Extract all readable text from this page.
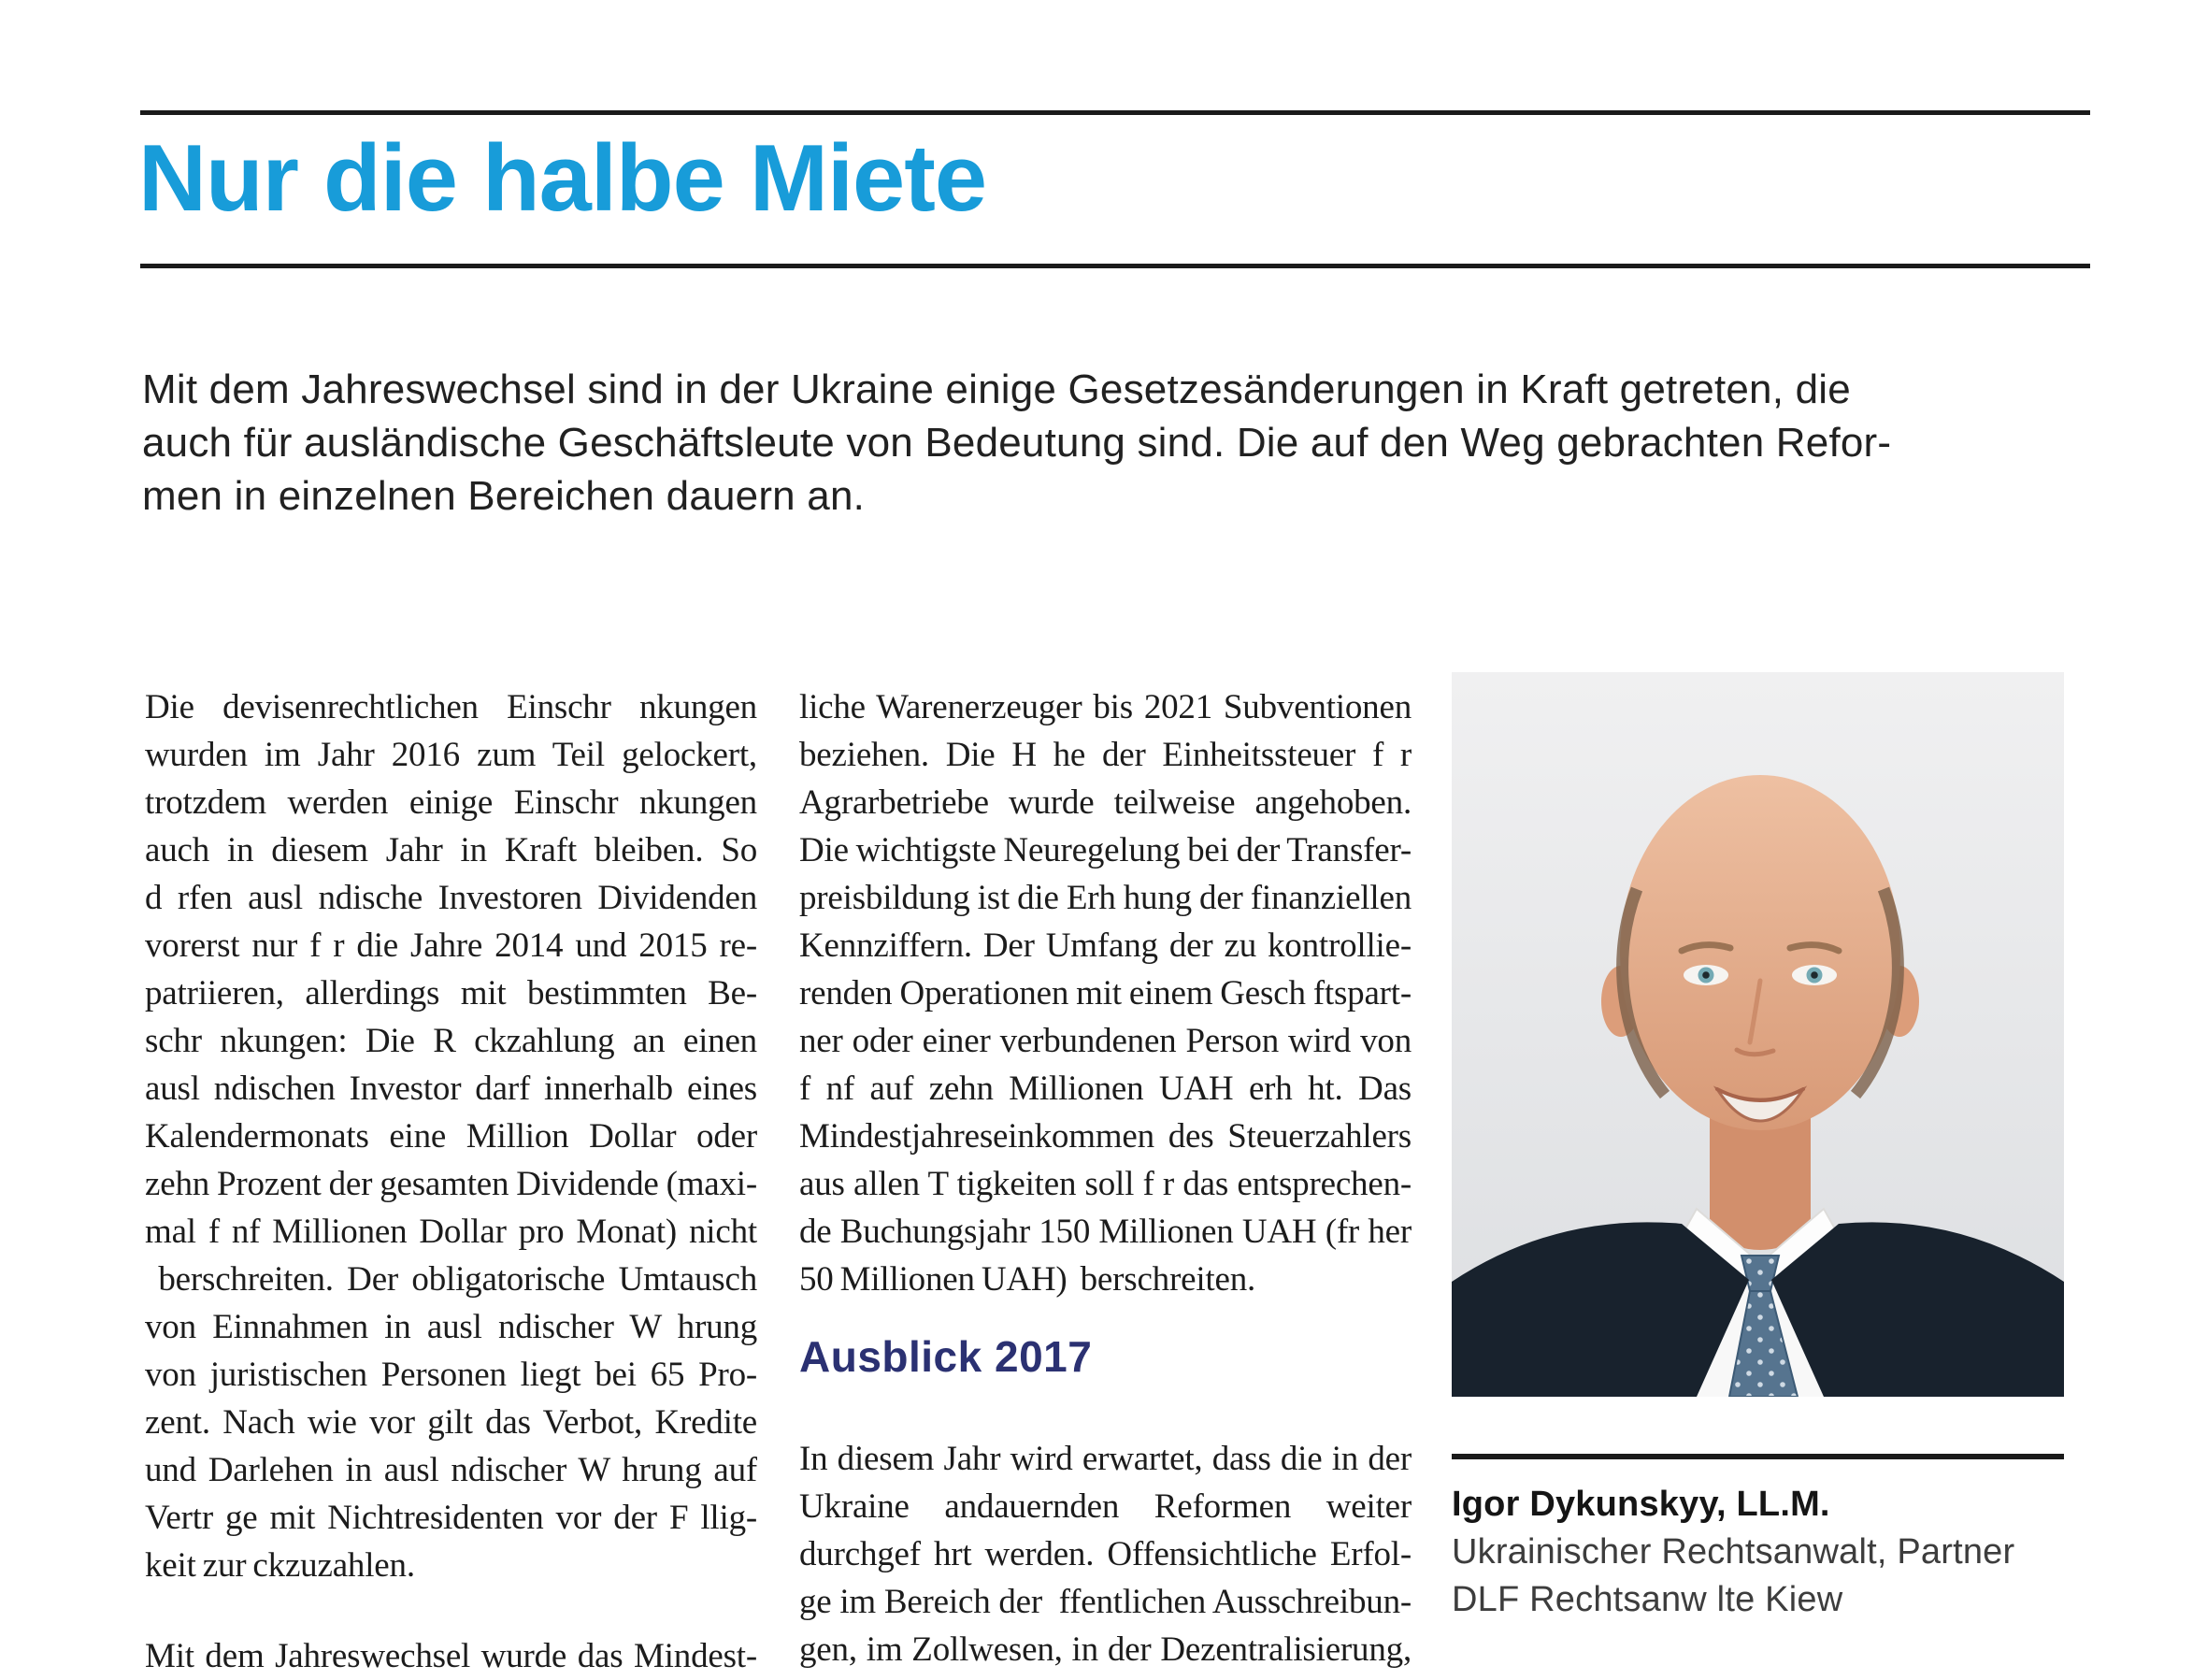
Nur die halbe Miete
Mit dem Jahreswechsel sind in der Ukraine einige Gesetzesänderungen in Kraft getreten, die
auch für ausländische Geschäftsleute von Bedeutung sind. Die auf den Weg gebrachten Refor-
men in einzelnen Bereichen dauern an.
Die devisenrechtlichen Einschr nkungen
wurden im Jahr 2016 zum Teil gelockert,
trotzdem werden einige Einschr nkungen
auch in diesem Jahr in Kraft bleiben. So
d rfen ausl ndische Investoren Dividenden
vorerst nur f r die Jahre 2014 und 2015 re-
patriieren, allerdings mit bestimmten Be-
schr nkungen: Die R ckzahlung an einen
ausl ndischen Investor darf innerhalb eines
Kalendermonats eine Million Dollar oder
zehn Prozent der gesamten Dividende (maxi-
mal f nf Millionen Dollar pro Monat) nicht
berschreiten. Der obligatorische Umtausch
von Einnahmen in ausl ndischer W hrung
von juristischen Personen liegt bei 65 Pro-
zent. Nach wie vor gilt das Verbot, Kredite
und Darlehen in ausl ndischer W hrung auf
Vertr ge mit Nichtresidenten vor der F llig-
keit zur ckzuzahlen.

Mit dem Jahreswechsel wurde das Mindest-
liche Warenerzeuger bis 2021 Subventionen
beziehen. Die H he der Einheitssteuer f r
Agrarbetriebe wurde teilweise angehoben.
Die wichtigste Neuregelung bei der Transfer-
preisbildung ist die Erh hung der finanziellen
Kennziffern. Der Umfang der zu kontrollie-
renden Operationen mit einem Gesch ftspart-
ner oder einer verbundenen Person wird von
f nf auf zehn Millionen UAH erh ht. Das
Mindestjahreseinkommen des Steuerzahlers
aus allen T tigkeiten soll f r das entsprechen-
de Buchungsjahr 150 Millionen UAH (fr her
50 Millionen UAH)  berschreiten.
Ausblick 2017
In diesem Jahr wird erwartet, dass die in der
Ukraine andauernden Reformen weiter
durchgef hrt werden. Offensichtliche Erfol-
ge im Bereich der  ffentlichen Ausschreibun-
gen, im Zollwesen, in der Dezentralisierung,
Igor Dykunskyy, LL.M.
Ukrainischer Rechtsanwalt, Partner
DLF Rechtsanw lte Kiew
